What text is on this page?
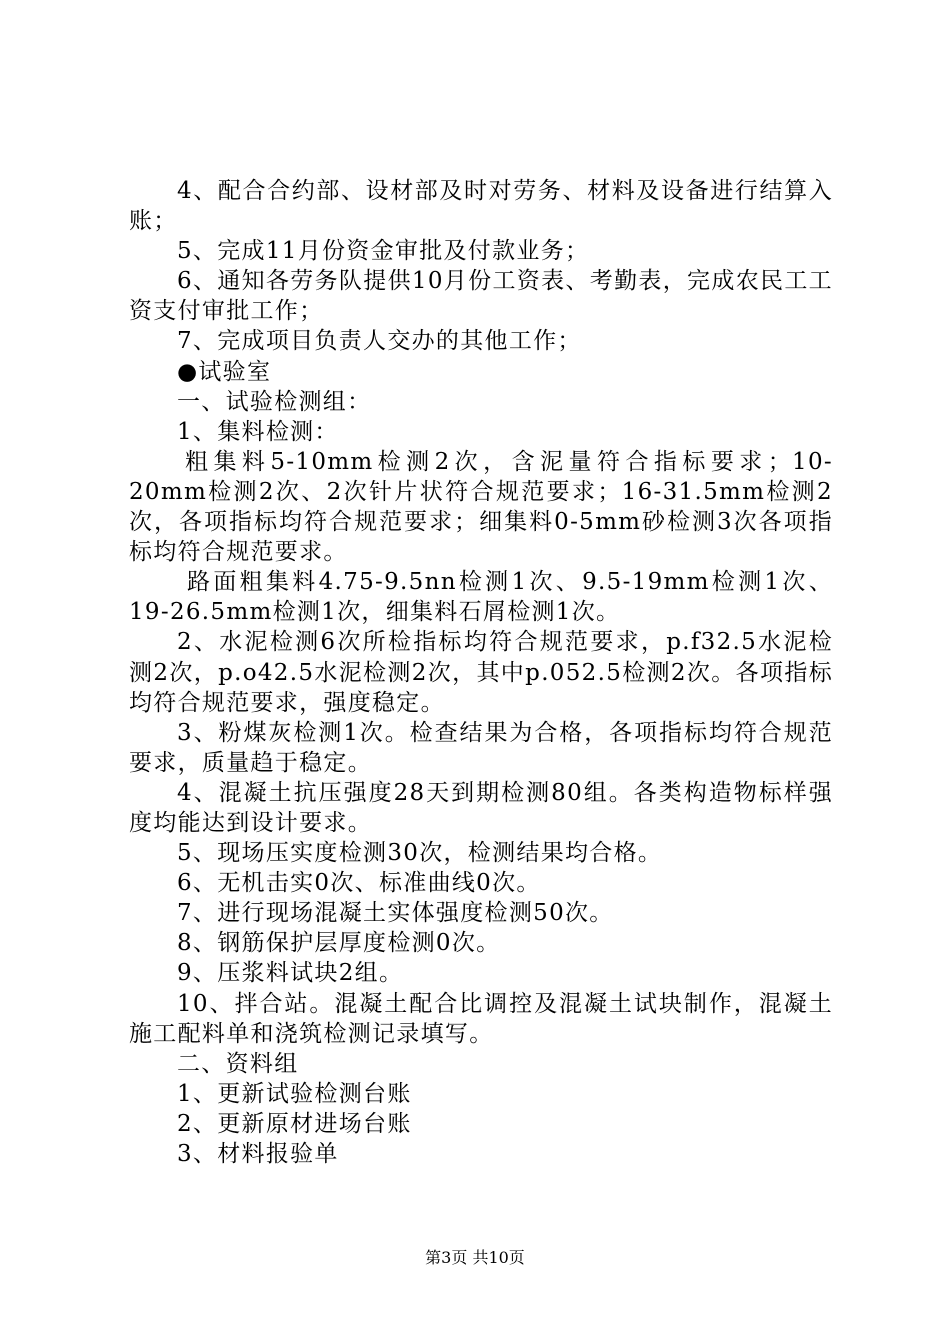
4、配合合约部、设材部及时对劳务、材料及设备进行结算入账；

5、完成11月份资金审批及付款业务；

6、通知各劳务队提供10月份工资表、考勤表，完成农民工工资支付审批工作；

7、完成项目负责人交办的其他工作；

●试验室

一、试验检测组：

1、集料检测：

粗集料5-10mm检测2次，含泥量符合指标要求；10-20mm检测2次、2次针片状符合规范要求；16-31.5mm检测2次，各项指标均符合规范要求；细集料0-5mm砂检测3次各项指标均符合规范要求。

路面粗集料4.75-9.5nn检测1次、9.5-19mm检测1次、19-26.5mm检测1次，细集料石屑检测1次。

2、水泥检测6次所检指标均符合规范要求，p.f32.5水泥检测2次，p.o42.5水泥检测2次，其中p.052.5检测2次。各项指标均符合规范要求，强度稳定。

3、粉煤灰检测1次。检查结果为合格，各项指标均符合规范要求，质量趋于稳定。

4、混凝土抗压强度28天到期检测80组。各类构造物标样强度均能达到设计要求。

5、现场压实度检测30次，检测结果均合格。

6、无机击实0次、标准曲线0次。

7、进行现场混凝土实体强度检测50次。

8、钢筋保护层厚度检测0次。

9、压浆料试块2组。

10、拌合站。混凝土配合比调控及混凝土试块制作，混凝土施工配料单和浇筑检测记录填写。

二、资料组

1、更新试验检测台账

2、更新原材进场台账

3、材料报验单

第3页 共10页
